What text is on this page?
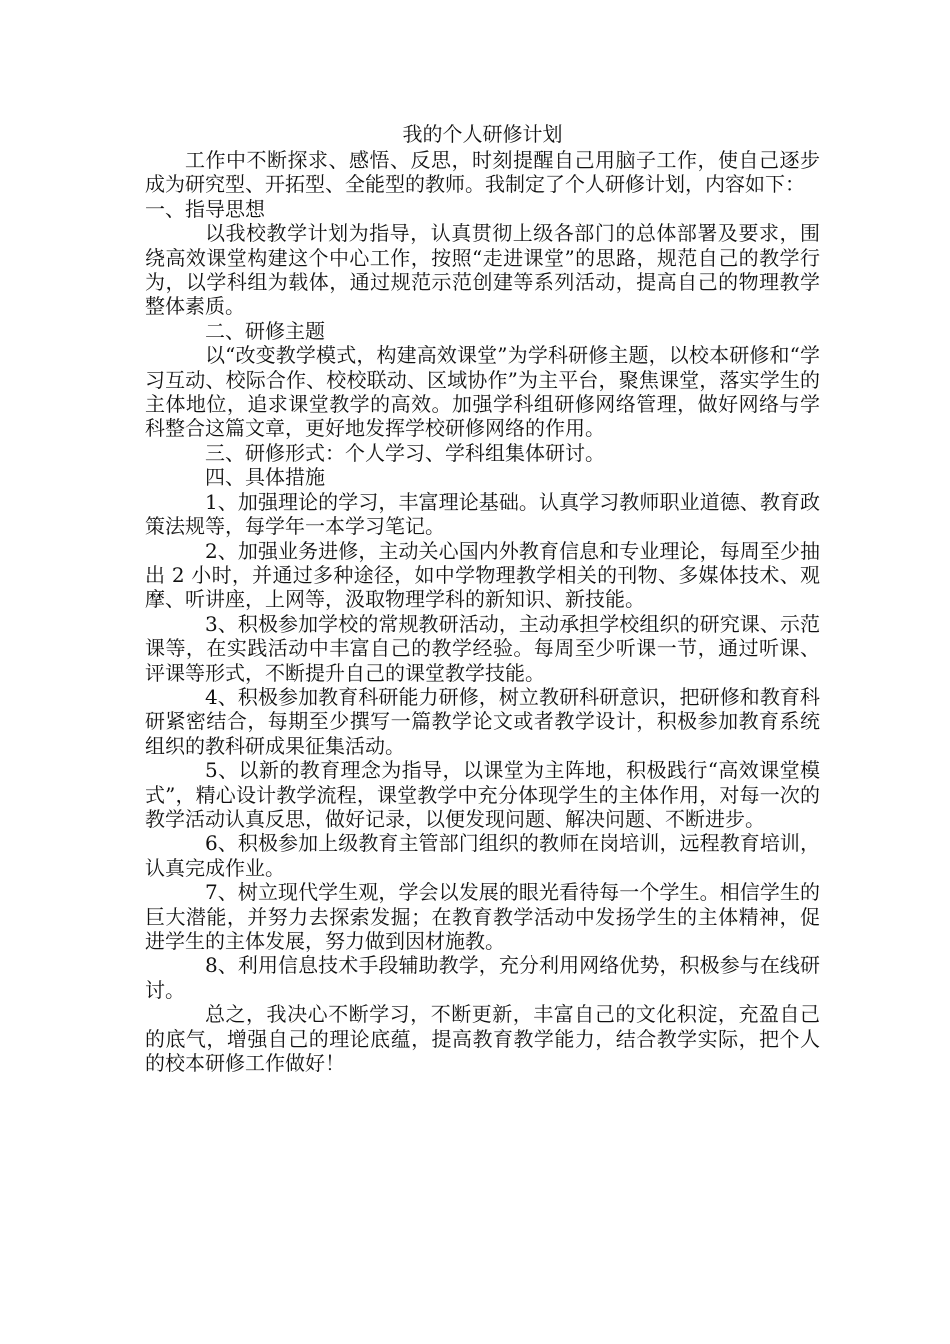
我的个人研修计划

工作中不断探求、感悟、反思，时刻提醒自己用脑子工作，使自己逐步成为研究型、开拓型、全能型的教师。我制定了个人研修计划，内容如下：

一、指导思想

以我校教学计划为指导，认真贯彻上级各部门的总体部署及要求，围绕高效课堂构建这个中心工作，按照“走进课堂”的思路，规范自己的教学行为，以学科组为载体，通过规范示范创建等系列活动，提高自己的物理教学整体素质。

二、研修主题

以“改变教学模式，构建高效课堂”为学科研修主题，以校本研修和“学习互动、校际合作、校校联动、区域协作”为主平台，聚焦课堂，落实学生的主体地位，追求课堂教学的高效。加强学科组研修网络管理，做好网络与学科整合这篇文章，更好地发挥学校研修网络的作用。

三、研修形式：个人学习、学科组集体研讨。

四、具体措施

1、加强理论的学习，丰富理论基础。认真学习教师职业道德、教育政策法规等，每学年一本学习笔记。

2、加强业务进修，主动关心国内外教育信息和专业理论，每周至少抽出 2 小时，并通过多种途径，如中学物理教学相关的刊物、多媒体技术、观摩、听讲座，上网等，汲取物理学科的新知识、新技能。

3、积极参加学校的常规教研活动，主动承担学校组织的研究课、示范课等，在实践活动中丰富自己的教学经验。每周至少听课一节，通过听课、评课等形式，不断提升自己的课堂教学技能。

4、积极参加教育科研能力研修，树立教研科研意识，把研修和教育科研紧密结合，每期至少撰写一篇教学论文或者教学设计，积极参加教育系统组织的教科研成果征集活动。

5、以新的教育理念为指导，以课堂为主阵地，积极践行“高效课堂模式”，精心设计教学流程，课堂教学中充分体现学生的主体作用，对每一次的教学活动认真反思，做好记录，以便发现问题、解决问题、不断进步。

6、积极参加上级教育主管部门组织的教师在岗培训，远程教育培训，认真完成作业。

7、树立现代学生观，学会以发展的眼光看待每一个学生。相信学生的巨大潜能，并努力去探索发掘；在教育教学活动中发扬学生的主体精神，促进学生的主体发展，努力做到因材施教。

8、利用信息技术手段辅助教学，充分利用网络优势，积极参与在线研讨。

总之，我决心不断学习，不断更新，丰富自己的文化积淀，充盈自己的底气，增强自己的理论底蕴，提高教育教学能力，结合教学实际，把个人的校本研修工作做好！
